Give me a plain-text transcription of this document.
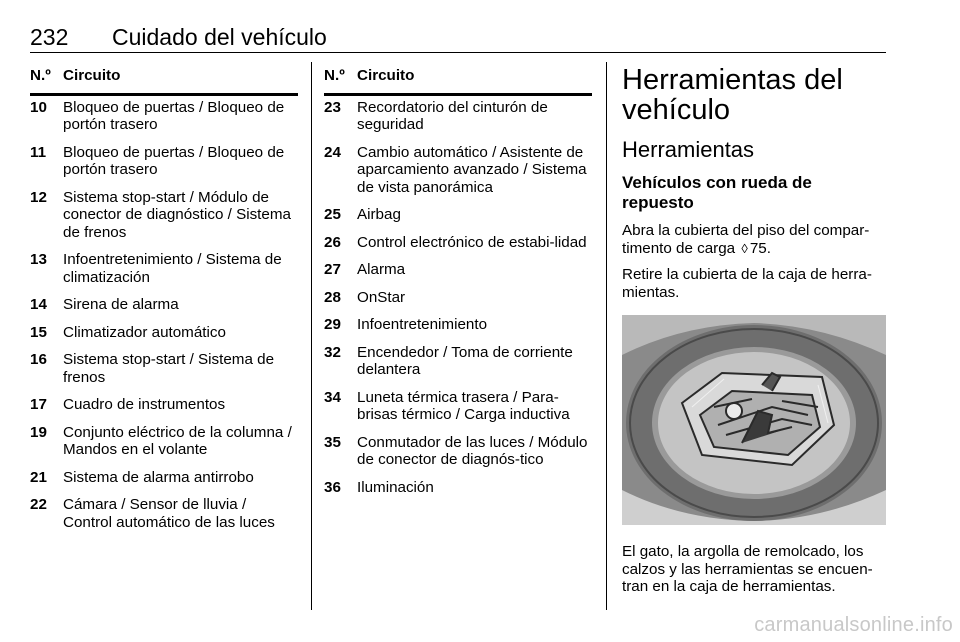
232 Cuidado del vehículo
N.º	Circuito
10	Bloqueo de puertas / Bloqueo de portón trasero
11	Bloqueo de puertas / Bloqueo de portón trasero
12	Sistema stop-start / Módulo de conector de diagnóstico / Sistema de frenos
13	Infoentretenimiento / Sistema de climatización
14	Sirena de alarma
15	Climatizador automático
16	Sistema stop-start / Sistema de frenos
17	Cuadro de instrumentos
19	Conjunto eléctrico de la columna / Mandos en el volante
21	Sistema de alarma antirrobo
22	Cámara / Sensor de lluvia / Control automático de las luces
N.º	Circuito
23	Recordatorio del cinturón de seguridad
24	Cambio automático / Asistente de aparcamiento avanzado / Sistema de vista panorámica
25	Airbag
26	Control electrónico de estabi-lidad
27	Alarma
28	OnStar
29	Infoentretenimiento
32	Encendedor / Toma de corriente delantera
34	Luneta térmica trasera / Para-brisas térmico / Carga inductiva
35	Conmutador de las luces / Módulo de conector de diagnós-tico
36	Iluminación
Herramientas del vehículo
Herramientas
Vehículos con rueda de repuesto

Abra la cubierta del piso del compar-timento de carga ◊ 75.

Retire la cubierta de la caja de herra-mientas.

El gato, la argolla de remolcado, los calzos y las herramientas se encuen-tran en la caja de herramientas.

carmanualsonline.info
